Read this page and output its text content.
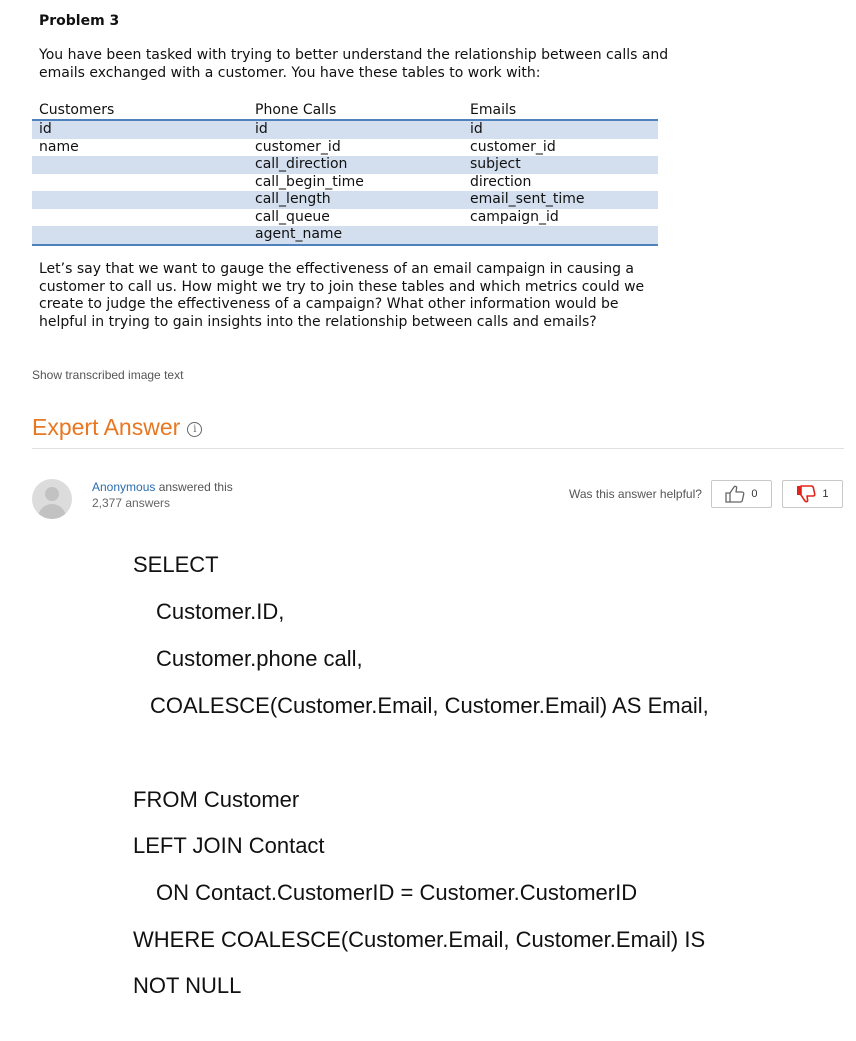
Problem 3

You have been tasked with trying to better understand the relationship between calls and emails exchanged with a customer. You have these tables to work with:

Customers	Phone Calls	Emails
id	id	id
name	customer_id	customer_id
	call_direction	subject
	call_begin_time	direction
	call_length	email_sent_time
	call_queue	campaign_id
	agent_name	

Let’s say that we want to gauge the effectiveness of an email campaign in causing a customer to call us. How might we try to join these tables and which metrics could we create to judge the effectiveness of a campaign? What other information would be helpful in trying to gain insights into the relationship between calls and emails?

Show transcribed image text
Expert Answer	i
Anonymous answered this
2,377 answers
Was this answer helpful?	0	1
SELECT
Customer.ID,
Customer.phone call,
COALESCE(Customer.Email, Customer.Email) AS Email,
FROM Customer
LEFT JOIN Contact
ON Contact.CustomerID = Customer.CustomerID
WHERE COALESCE(Customer.Email, Customer.Email) IS
NOT NULL
